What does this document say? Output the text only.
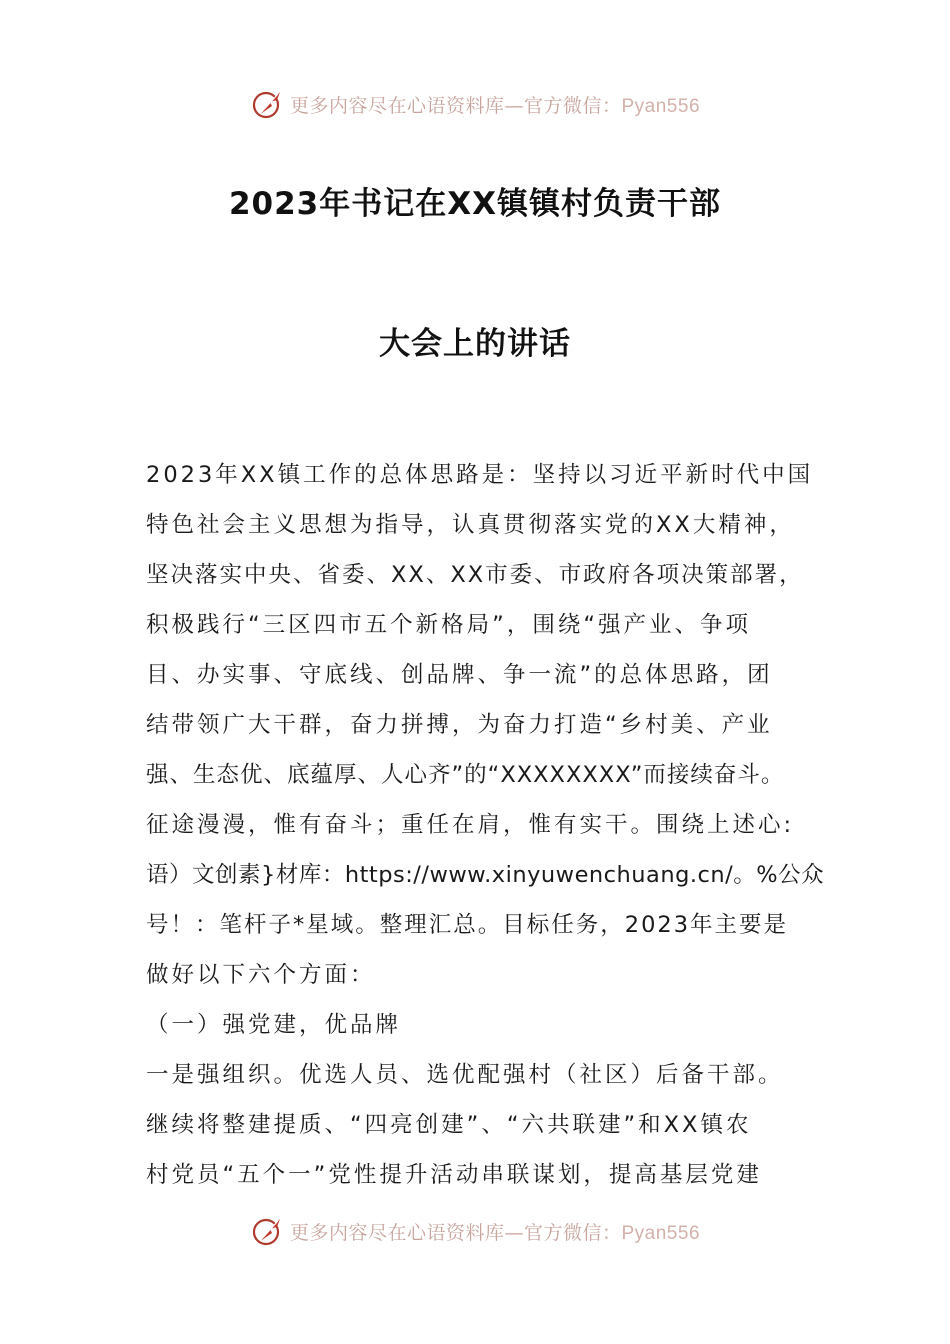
更多内容尽在心语资料库—官方微信：Pyan556
2023年书记在XX镇镇村负责干部
大会上的讲话
2023年XX镇工作的总体思路是：坚持以习近平新时代中国
特色社会主义思想为指导，认真贯彻落实党的XX大精神，
坚决落实中央、省委、XX、XX市委、市政府各项决策部署，
积极践行“三区四市五个新格局”，围绕“强产业、争项
目、办实事、守底线、创品牌、争一流”的总体思路，团
结带领广大干群，奋力拼搏，为奋力打造“乡村美、产业
强、生态优、底蕴厚、人心齐”的“XXXXXXXX”而接续奋斗。
征途漫漫，惟有奋斗；重任在肩，惟有实干。围绕上述心:
语）文创素}材库：https://www.xinyuwenchuang.cn/。%公众
号！：笔杆子*星域。整理汇总。目标任务，2023年主要是
做好以下六个方面：
（一）强党建，优品牌
一是强组织。优选人员、选优配强村（社区）后备干部。
继续将整建提质、“四亮创建”、“六共联建”和XX镇农
村党员“五个一”党性提升活动串联谋划，提高基层党建
更多内容尽在心语资料库—官方微信：Pyan556
